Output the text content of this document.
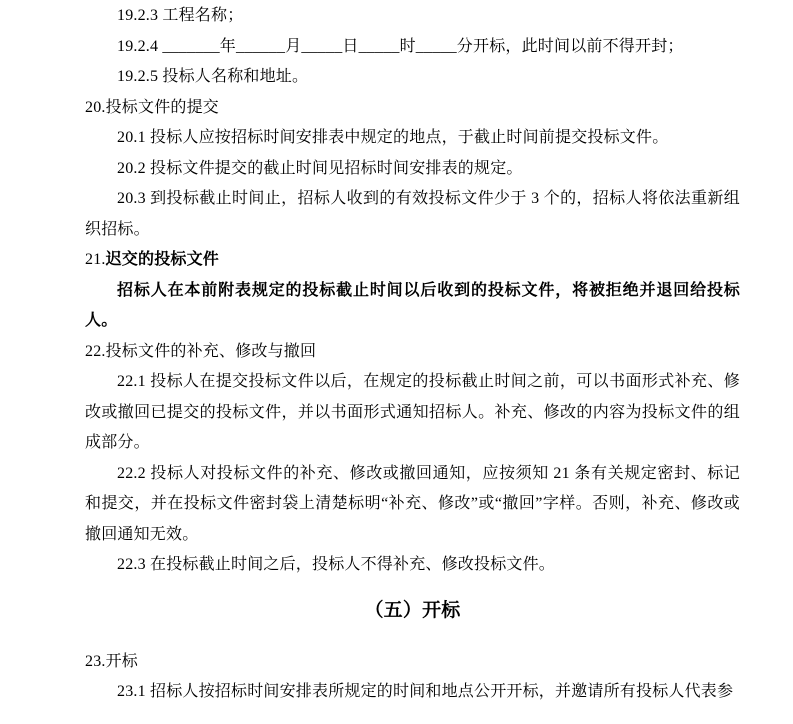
19.2.3 工程名称；

19.2.4 _______年______月_____日_____时_____分开标，此时间以前不得开封；

19.2.5 投标人名称和地址。

20.投标文件的提交

20.1 投标人应按招标时间安排表中规定的地点，于截止时间前提交投标文件。

20.2 投标文件提交的截止时间见招标时间安排表的规定。

20.3 到投标截止时间止，招标人收到的有效投标文件少于 3 个的，招标人将依法重新组织招标。

21.迟交的投标文件

招标人在本前附表规定的投标截止时间以后收到的投标文件，将被拒绝并退回给投标人。

22.投标文件的补充、修改与撤回

22.1 投标人在提交投标文件以后，在规定的投标截止时间之前，可以书面形式补充、修改或撤回已提交的投标文件，并以书面形式通知招标人。补充、修改的内容为投标文件的组成部分。

22.2 投标人对投标文件的补充、修改或撤回通知，应按须知 21 条有关规定密封、标记和提交，并在投标文件密封袋上清楚标明“补充、修改”或“撤回”字样。否则，补充、修改或撤回通知无效。

22.3 在投标截止时间之后，投标人不得补充、修改投标文件。

（五）开标

23.开标

23.1 招标人按招标时间安排表所规定的时间和地点公开开标，并邀请所有投标人代表参
